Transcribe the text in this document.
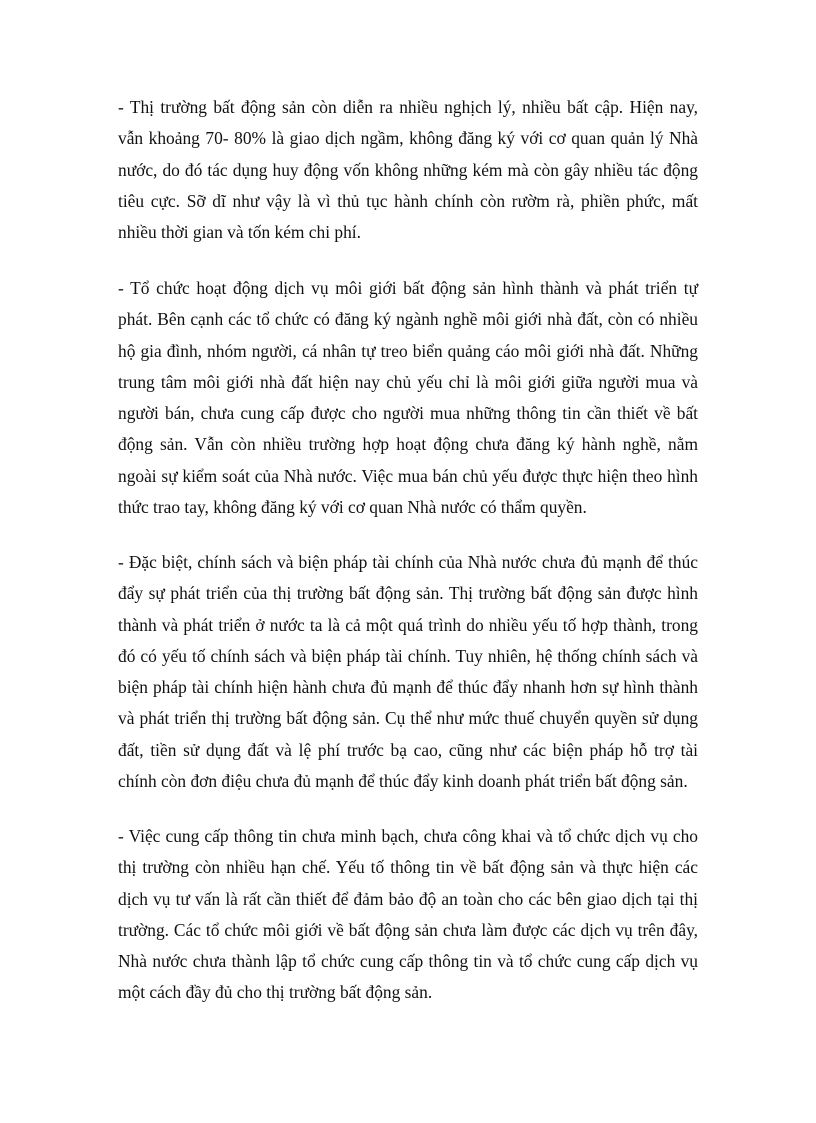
- Thị trường bất động sản còn diễn ra nhiều nghịch lý, nhiều bất cập. Hiện nay,
vẫn khoảng 70- 80% là giao dịch ngầm, không đăng ký với cơ quan quản lý Nhà
nước, do đó tác dụng huy động vốn không những kém mà còn gây nhiều tác động
tiêu cực. Sỡ dĩ như vậy là vì thủ tục hành chính còn rườm rà, phiền phức, mất
nhiều thời gian và tốn kém chi phí.

- Tổ chức hoạt động dịch vụ môi giới bất động sản hình thành và phát triển tự
phát. Bên cạnh các tổ chức có đăng ký ngành nghề môi giới nhà đất, còn có nhiều
hộ gia đình, nhóm người, cá nhân tự treo biển quảng cáo môi giới nhà đất. Những
trung tâm môi giới nhà đất hiện nay chủ yếu chỉ là môi giới giữa người mua và
người bán, chưa cung cấp được cho người mua những thông tin cần thiết về bất
động sản. Vẫn còn nhiều trường hợp hoạt động chưa đăng ký hành nghề, nằm
ngoài sự kiểm soát của Nhà nước. Việc mua bán chủ yếu được thực hiện theo hình
thức trao tay, không đăng ký với cơ quan Nhà nước có thẩm quyền.

- Đặc biệt, chính sách và biện pháp tài chính của Nhà nước chưa đủ mạnh để thúc
đẩy sự phát triển của thị trường bất động sản. Thị trường bất động sản được hình
thành và phát triển ở nước ta là cả một quá trình do nhiều yếu tố hợp thành, trong
đó có yếu tố chính sách và biện pháp tài chính. Tuy nhiên, hệ thống chính sách và
biện pháp tài chính hiện hành chưa đủ mạnh để thúc đẩy nhanh hơn sự hình thành
và phát triển thị trường bất động sản. Cụ thể như mức thuế chuyển quyền sử dụng
đất, tiền sử dụng đất và lệ phí trước bạ cao, cũng như các biện pháp hỗ trợ tài
chính còn đơn điệu chưa đủ mạnh để thúc đẩy kinh doanh phát triển bất động sản.

- Việc cung cấp thông tin chưa minh bạch, chưa công khai và tổ chức dịch vụ cho
thị trường còn nhiều hạn chế. Yếu tố thông tin về bất động sản và thực hiện các
dịch vụ tư vấn là rất cần thiết để đảm bảo độ an toàn cho các bên giao dịch tại thị
trường. Các tổ chức môi giới về bất động sản chưa làm được các dịch vụ trên đây,
Nhà nước chưa thành lập tổ chức cung cấp thông tin và tổ chức cung cấp dịch vụ
một cách đầy đủ cho thị trường bất động sản.
